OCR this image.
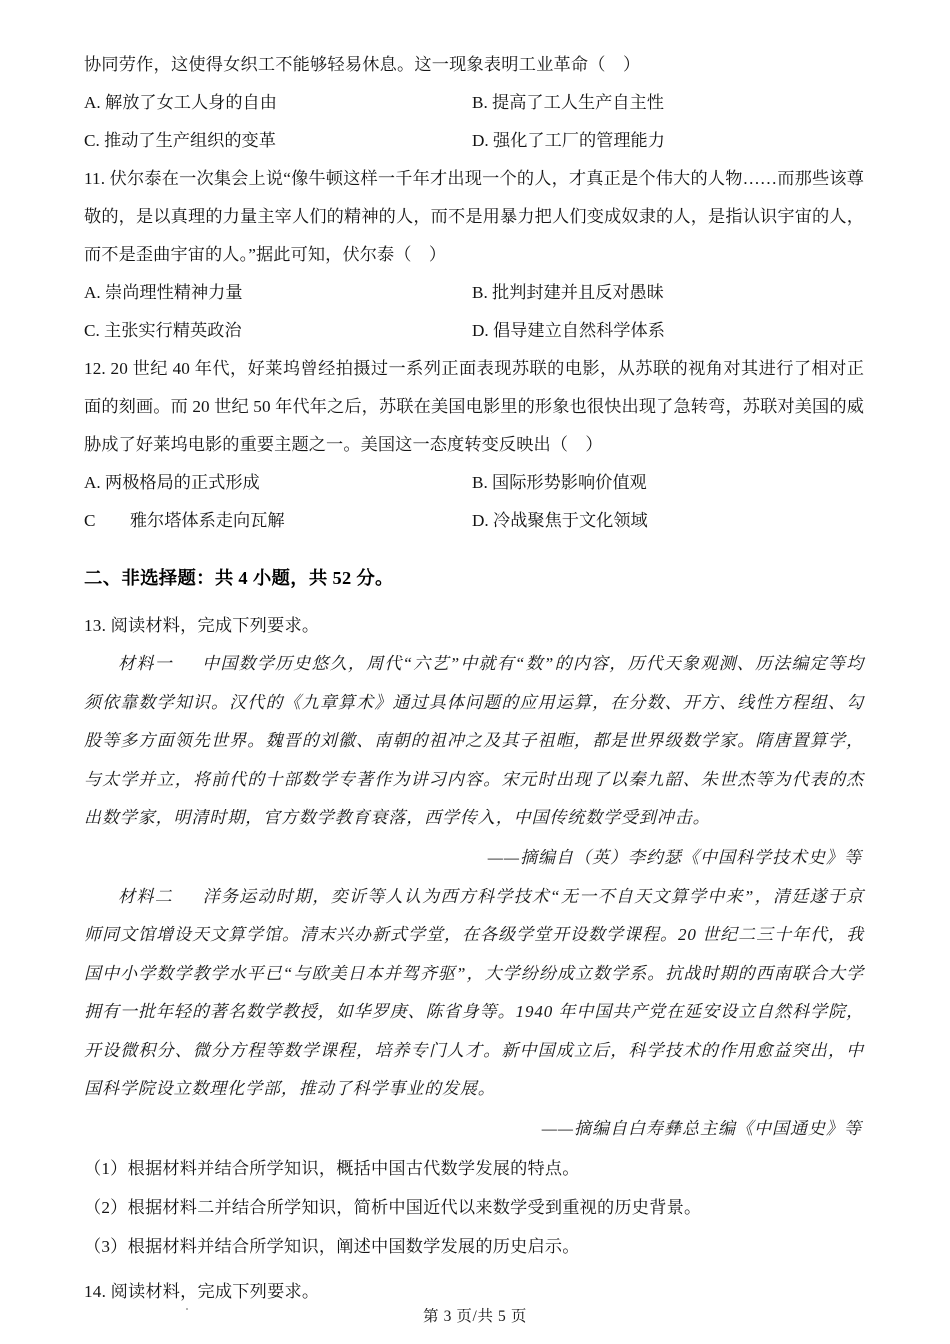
协同劳作，这使得女织工不能够轻易休息。这一现象表明工业革命（　）
A. 解放了女工人身的自由	B. 提高了工人生产自主性
C. 推动了生产组织的变革	D. 强化了工厂的管理能力
11. 伏尔泰在一次集会上说“像牛顿这样一千年才出现一个的人，才真正是个伟大的人物……而那些该尊敬的，是以真理的力量主宰人们的精神的人，而不是用暴力把人们变成奴隶的人，是指认识宇宙的人，而不是歪曲宇宙的人。”据此可知，伏尔泰（　）
A. 崇尚理性精神力量	B. 批判封建并且反对愚昧
C. 主张实行精英政治	D. 倡导建立自然科学体系
12. 20 世纪 40 年代，好莱坞曾经拍摄过一系列正面表现苏联的电影，从苏联的视角对其进行了相对正面的刻画。而 20 世纪 50 年代年之后，苏联在美国电影里的形象也很快出现了急转弯，苏联对美国的威胁成了好莱坞电影的重要主题之一。美国这一态度转变反映出（　）
A. 两极格局的正式形成	B. 国际形势影响价值观
C　　雅尔塔体系走向瓦解	D. 冷战聚焦于文化领域
二、非选择题：共 4 小题，共 52 分。
13. 阅读材料，完成下列要求。
材料一 　 中国数学历史悠久，周代“六艺”中就有“数”的内容，历代天象观测、历法编定等均须依靠数学知识。汉代的《九章算术》通过具体问题的应用运算，在分数、开方、线性方程组、勾股等多方面领先世界。魏晋的刘徽、南朝的祖冲之及其子祖暅，都是世界级数学家。隋唐置算学，与太学并立，将前代的十部数学专著作为讲习内容。宋元时出现了以秦九韶、朱世杰等为代表的杰出数学家，明清时期，官方数学教育衰落，西学传入，中国传统数学受到冲击。
——摘编自（英）李约瑟《中国科学技术史》等
材料二 　 洋务运动时期，奕䜣等人认为西方科学技术“无一不自天文算学中来”，清廷遂于京师同文馆增设天文算学馆。清末兴办新式学堂，在各级学堂开设数学课程。20 世纪二三十年代，我国中小学数学教学水平已“与欧美日本并驾齐驱”，大学纷纷成立数学系。抗战时期的西南联合大学拥有一批年轻的著名数学教授，如华罗庚、陈省身等。1940 年中国共产党在延安设立自然科学院，开设微积分、微分方程等数学课程，培养专门人才。新中国成立后，科学技术的作用愈益突出，中国科学院设立数理化学部，推动了科学事业的发展。
——摘编自白寿彝总主编《中国通史》等
（1）根据材料并结合所学知识，概括中国古代数学发展的特点。
（2）根据材料二并结合所学知识，简析中国近代以来数学受到重视的历史背景。
（3）根据材料并结合所学知识，阐述中国数学发展的历史启示。
14. 阅读材料，完成下列要求。
第 3 页/共 5 页
